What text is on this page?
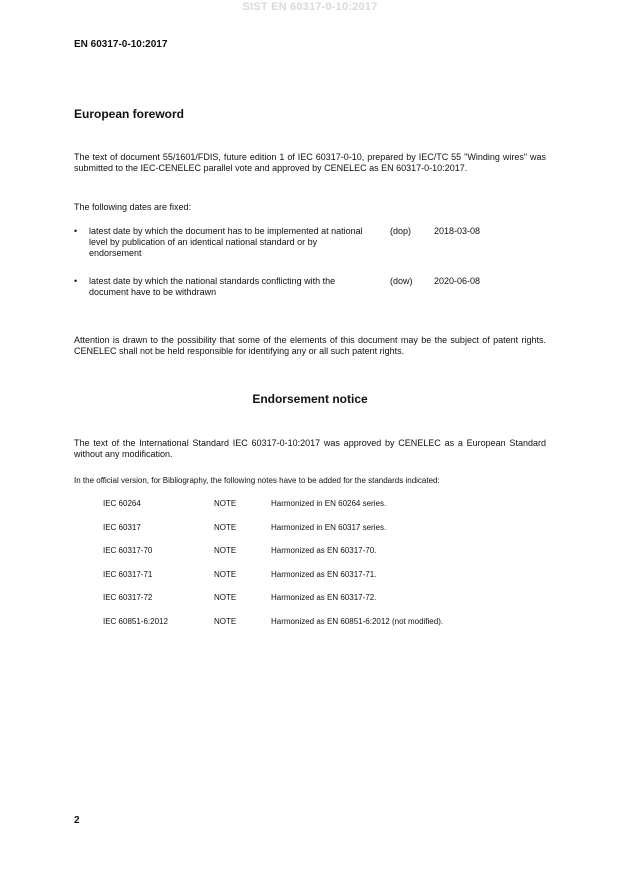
SIST EN 60317-0-10:2017
EN 60317-0-10:2017
European foreword

The text of document 55/1601/FDIS, future edition 1 of IEC 60317-0-10, prepared by IEC/TC 55 "Winding wires" was submitted to the IEC-CENELEC parallel vote and approved by CENELEC as EN 60317-0-10:2017.

The following dates are fixed:

• latest date by which the document has to be implemented at national level by publication of an identical national standard or by endorsement
(dop)	2018-03-08
• latest date by which the national standards conflicting with the document have to be withdrawn
(dow) 2020-06-08

Attention is drawn to the possibility that some of the elements of this document may be the subject of patent rights. CENELEC shall not be held responsible for identifying any or all such patent rights.

Endorsement notice

The text of the International Standard IEC 60317-0-10:2017 was approved by CENELEC as a European Standard without any modification.

In the official version, for Bibliography, the following notes have to be added for the standards indicated:

IEC 60264	NOTE	Harmonized in EN 60264 series.
IEC 60317	NOTE	Harmonized in EN 60317 series.
IEC 60317-70	NOTE	Harmonized as EN 60317-70.
IEC 60317-71	NOTE	Harmonized as EN 60317-71.
IEC 60317-72	NOTE	Harmonized as EN 60317-72.
IEC 60851-6:2012	NOTE	Harmonized as EN 60851-6:2012 (not modified).
2
